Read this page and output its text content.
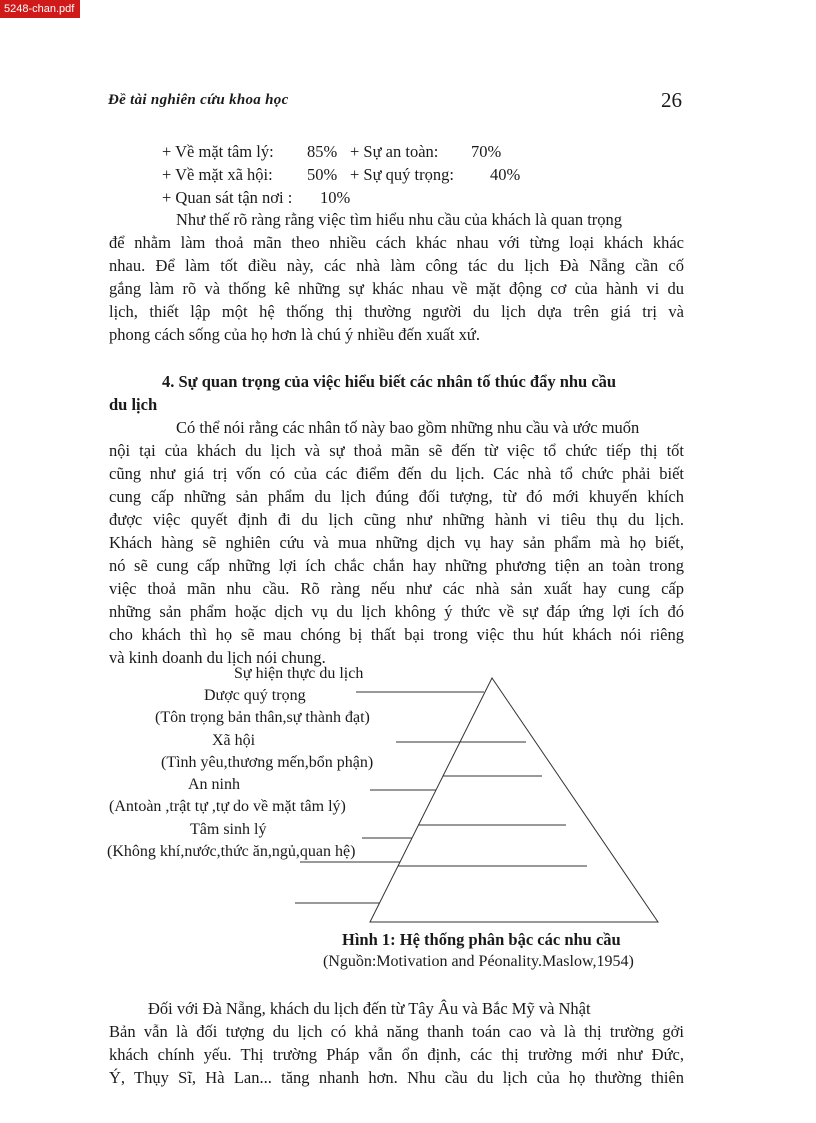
5248-chan.pdf
Đề tài nghiên cứu khoa học	26
+ Về mặt tâm lý: 85% + Sự an toàn: 70%
+ Về mặt xã hội: 50% + Sự quý trọng: 40%
+ Quan sát tận nơi : 10%
Như thế rõ ràng rằng việc tìm hiểu nhu cầu của khách là quan trọng
để nhằm làm thoả mãn theo nhiều cách khác nhau với từng loại khách khác
nhau. Để làm tốt điều này, các nhà làm công tác du lịch Đà Nẵng cần cố
gắng làm rõ và thống kê những sự khác nhau về mặt động cơ của hành vi du
lịch, thiết lập một hệ thống thị thường người du lịch dựa trên giá trị và
phong cách sống của họ hơn là chú ý nhiều đến xuất xứ.
4. Sự quan trọng của việc hiểu biết các nhân tố thúc đẩy nhu cầu
du lịch
Có thể nói rằng các nhân tố này bao gồm những nhu cầu và ước muốn
nội tại của khách du lịch và sự thoả mãn sẽ đến từ việc tổ chức tiếp thị tốt
cũng như giá trị vốn có của các điểm đến du lịch. Các nhà tổ chức phải biết
cung cấp những sản phẩm du lịch đúng đối tượng, từ đó mới khuyến khích
được việc quyết định đi du lịch cũng như những hành vi tiêu thụ du lịch.
Khách hàng sẽ nghiên cứu và mua những dịch vụ hay sản phẩm mà họ biết,
nó sẽ cung cấp những lợi ích chắc chắn hay những phương tiện an toàn trong
việc thoả mãn nhu cầu. Rõ ràng nếu như các nhà sản xuất hay cung cấp
những sản phẩm hoặc dịch vụ du lịch không ý thức về sự đáp ứng lợi ích đó
cho khách thì họ sẽ mau chóng bị thất bại trong việc thu hút khách nói riêng
và kinh doanh du lịch nói chung.
Sự hiện thực du lịch
Dược quý trọng
(Tôn trọng bản thân,sự thành đạt)
Xã hội
(Tình yêu,thương mến,bổn phận)
An ninh
(Antoàn ,trật tự ,tự do về mặt tâm lý)
Tâm sinh lý
(Không khí,nước,thức ăn,ngủ,quan hệ)
Hình 1: Hệ thống phân bậc các nhu cầu
(Nguồn:Motivation and Péonality.Maslow,1954)
Đối với Đà Nẵng, khách du lịch đến từ Tây Âu và Bắc Mỹ và Nhật
Bản vẫn là đối tượng du lịch có khả năng thanh toán cao và là thị trường gởi
khách chính yếu. Thị trường Pháp vẫn ổn định, các thị trường mới như Đức,
Ý, Thụy Sĩ, Hà Lan... tăng nhanh hơn. Nhu cầu du lịch của họ thường thiên
